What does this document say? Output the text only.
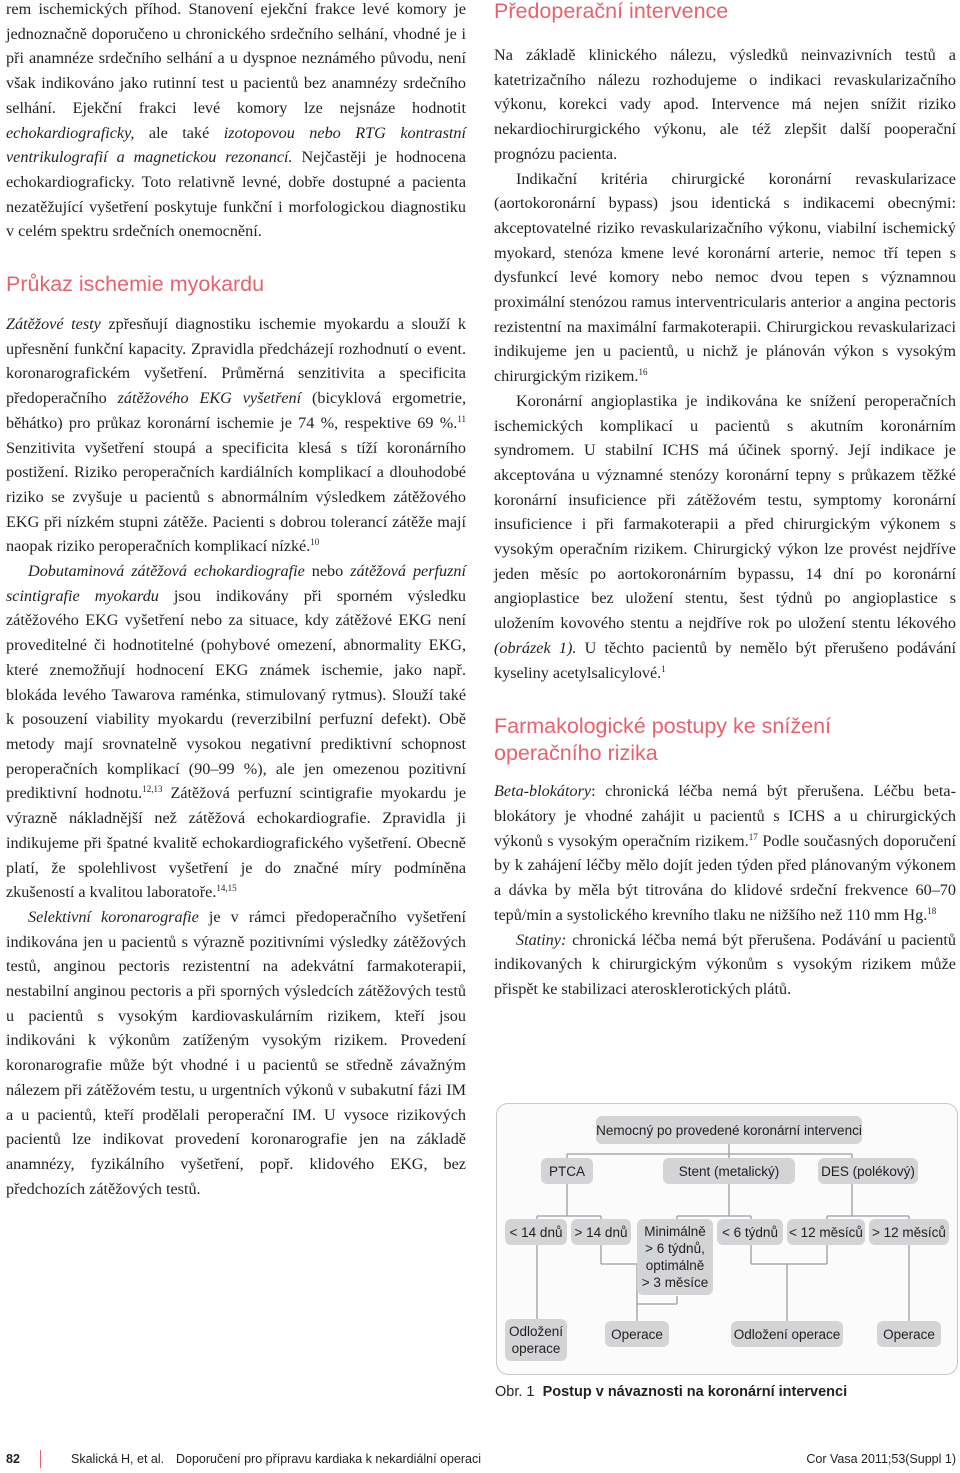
rem ischemických příhod. Stanovení ejekční frakce levé komory je jednoznačně doporučeno u chronického srdečního selhání, vhodné je i při anamnéze srdečního selhání a u dyspnoe neznámého původu, není však indikováno jako rutinní test u pacientů bez anamnézy srdečního selhání. Ejekční frakci levé komory lze nejsnáze hodnotit echokardiograficky, ale také izotopovou nebo RTG kontrastní ventrikulografií a magnetickou rezonancí. Nejčastěji je hodnocena echokardiograficky. Toto relativně levné, dobře dostupné a pacienta nezatěžující vyšetření poskytuje funkční i morfologickou diagnostiku v celém spektru srdečních onemocnění.

Průkaz ischemie myokardu

Zátěžové testy zpřesňují diagnostiku ischemie myokardu a slouží k upřesnění funkční kapacity. Zpravidla předcházejí rozhodnutí o event. koronarografickém vyšetření. Průměrná senzitivita a specificita předoperačního zátěžového EKG vyšetření (bicyklová ergometrie, běhátko) pro průkaz koronární ischemie je 74 %, respektive 69 %.$^{11}$ Senzitivita vyšetření stoupá a specificita klesá s tíží koronárního postižení. Riziko peroperačních kardiálních komplikací a dlouhodobé riziko se zvyšuje u pacientů s abnormálním výsledkem zátěžového EKG při nízkém stupni zátěže. Pacienti s dobrou tolerancí zátěže mají naopak riziko peroperačních komplikací nízké.$^{10}$

Dobutaminová zátěžová echokardiografie nebo zátěžová perfuzní scintigrafie myokardu jsou indikovány při sporném výsledku zátěžového EKG vyšetření nebo za situace, kdy zátěžové EKG není proveditelné či hodnotitelné (pohybové omezení, abnormality EKG, které znemožňují hodnocení EKG známek ischemie, jako např. blokáda levého Tawarova raménka, stimulovaný rytmus). Slouží také k posouzení viability myokardu (reverzibilní perfuzní defekt). Obě metody mají srovnatelně vysokou negativní prediktivní schopnost peroperačních komplikací (90–99 %), ale jen omezenou pozitivní prediktivní hodnotu.$^{12,13}$ Zátěžová perfuzní scintigrafie myokardu je výrazně nákladnější než zátěžová echokardiografie. Zpravidla ji indikujeme při špatné kvalitě echokardiografického vyšetření. Obecně platí, že spolehlivost vyšetření je do značné míry podmíněna zkušeností a kvalitou laboratoře.$^{14,15}$

Selektivní koronarografie je v rámci předoperačního vyšetření indikována jen u pacientů s výrazně pozitivními výsledky zátěžových testů, anginou pectoris rezistentní na adekvátní farmakoterapii, nestabilní anginou pectoris a při sporných výsledcích zátěžových testů u pacientů s vysokým kardiovaskulárním rizikem, kteří jsou indikováni k výkonům zatíženým vysokým rizikem. Provedení koronarografie může být vhodné i u pacientů se středně závažným nálezem při zátěžovém testu, u urgentních výkonů v subakutní fázi IM a u pacientů, kteří prodělali peroperační IM. U vysoce rizikových pacientů lze indikovat provedení koronarografie jen na základě anamnézy, fyzikálního vyšetření, popř. klidového EKG, bez předchozích zátěžových testů.

Předoperační intervence

Na základě klinického nálezu, výsledků neinvazivních testů a katetrizačního nálezu rozhodujeme o indikaci revaskularizačního výkonu, korekci vady apod. Intervence má nejen snížit riziko nekardiochirurgického výkonu, ale též zlepšit další pooperační prognózu pacienta.

Indikační kritéria chirurgické koronární revaskularizace (aortokoronární bypass) jsou identická s indikacemi obecnými: akceptovatelné riziko revaskularizačního výkonu, viabilní ischemický myokard, stenóza kmene levé koronární arterie, nemoc tří tepen s dysfunkcí levé komory nebo nemoc dvou tepen s významnou proximální stenózou ramus interventricularis anterior a angina pectoris rezistentní na maximální farmakoterapii. Chirurgickou revaskularizaci indikujeme jen u pacientů, u nichž je plánován výkon s vysokým chirurgickým rizikem.$^{16}$

Koronární angioplastika je indikována ke snížení peroperačních ischemických komplikací u pacientů s akutním koronárním syndromem. U stabilní ICHS má účinek sporný. Její indikace je akceptována u významné stenózy koronární tepny s průkazem těžké koronární insuficience při zátěžovém testu, symptomy koronární insuficience i při farmakoterapii a před chirurgickým výkonem s vysokým operačním rizikem. Chirurgický výkon lze provést nejdříve jeden měsíc po aortokoronárním bypassu, 14 dní po koronární angioplastice bez uložení stentu, šest týdnů po angioplastice s uložením kovového stentu a nejdříve rok po uložení stentu lékového (obrázek 1). U těchto pacientů by nemělo být přerušeno podávání kyseliny acetylsalicylové.$^1$

Farmakologické postupy ke snížení operačního rizika

Beta-blokátory: chronická léčba nemá být přerušena. Léčbu beta-blokátory je vhodné zahájit u pacientů s ICHS a u chirurgických výkonů s vysokým operačním rizikem.$^{17}$ Podle současných doporučení by k zahájení léčby mělo dojít jeden týden před plánovaným výkonem a dávka by měla být titrována do klidové srdeční frekvence 60–70 tepů/min a systolického krevního tlaku ne nižšího než 110 mm Hg.$^{18}$

Statiny: chronická léčba nemá být přerušena. Podávání u pacientů indikovaných k chirurgickým výkonům s vysokým rizikem může přispět ke stabilizaci aterosklerotických plátů.

Nemocný po provedené koronární intervenci
PTCA	Stent (metalický)	DES (polékový)
< 14 dnů > 14 dnů	Minimálně
> 6 týdnů,
optimálně
> 3 měsíce
< 6 týdnů < 12 měsíců > 12 měsíců
Odložení
operace
Operace	Odložení operace	Operace
Obr. 1 Postup v návaznosti na koronární intervenci
82	Skalická H, et al. Doporučení pro přípravu kardiaka k nekardiální operaci	Cor Vasa 2011;53(Suppl 1)
